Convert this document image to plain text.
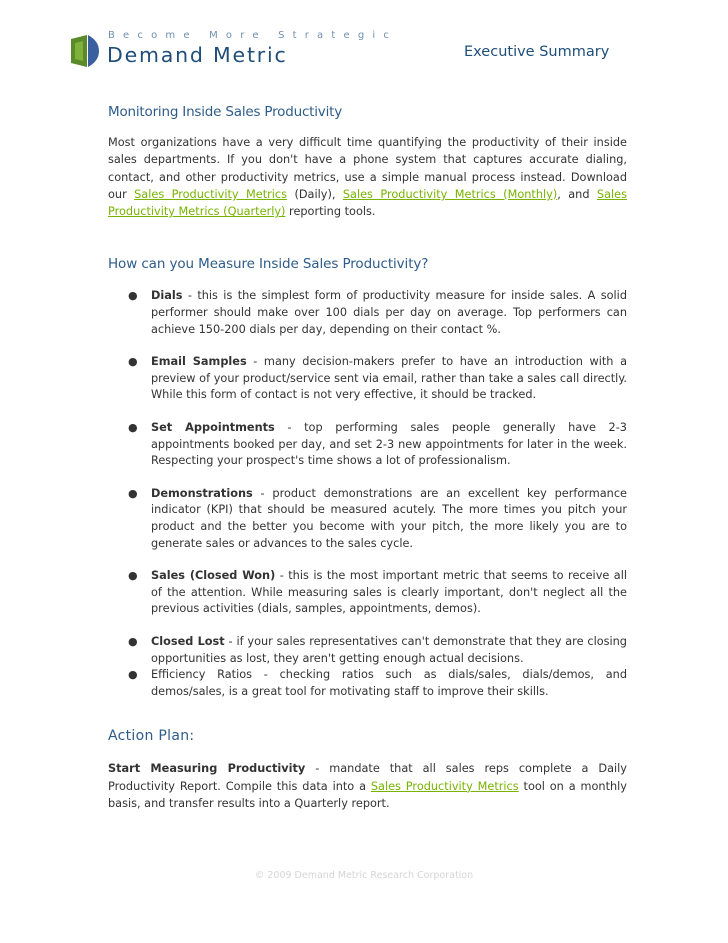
Become More Strategic
Demand Metric	Executive Summary
Monitoring Inside Sales Productivity

Most organizations have a very difficult time quantifying the productivity of their inside sales departments. If you don't have a phone system that captures accurate dialing, contact, and other productivity metrics, use a simple manual process instead. Download our Sales Productivity Metrics (Daily), Sales Productivity Metrics (Monthly), and Sales Productivity Metrics (Quarterly) reporting tools.

How can you Measure Inside Sales Productivity?
● Dials - this is the simplest form of productivity measure for inside sales. A solid performer should make over 100 dials per day on average. Top performers can achieve 150-200 dials per day, depending on their contact %.
● Email Samples - many decision-makers prefer to have an introduction with a preview of your product/service sent via email, rather than take a sales call directly. While this form of contact is not very effective, it should be tracked.
● Set Appointments - top performing sales people generally have 2-3 appointments booked per day, and set 2-3 new appointments for later in the week. Respecting your prospect's time shows a lot of professionalism.
● Demonstrations - product demonstrations are an excellent key performance indicator (KPI) that should be measured acutely. The more times you pitch your product and the better you become with your pitch, the more likely you are to generate sales or advances to the sales cycle.
● Sales (Closed Won) - this is the most important metric that seems to receive all of the attention. While measuring sales is clearly important, don't neglect all the previous activities (dials, samples, appointments, demos).
● Closed Lost - if your sales representatives can't demonstrate that they are closing opportunities as lost, they aren't getting enough actual decisions.
● Efficiency Ratios - checking ratios such as dials/sales, dials/demos, and demos/sales, is a great tool for motivating staff to improve their skills.
Action Plan:

Start Measuring Productivity - mandate that all sales reps complete a Daily Productivity Report. Compile this data into a Sales Productivity Metrics tool on a monthly basis, and transfer results into a Quarterly report.

© 2009 Demand Metric Research Corporation
